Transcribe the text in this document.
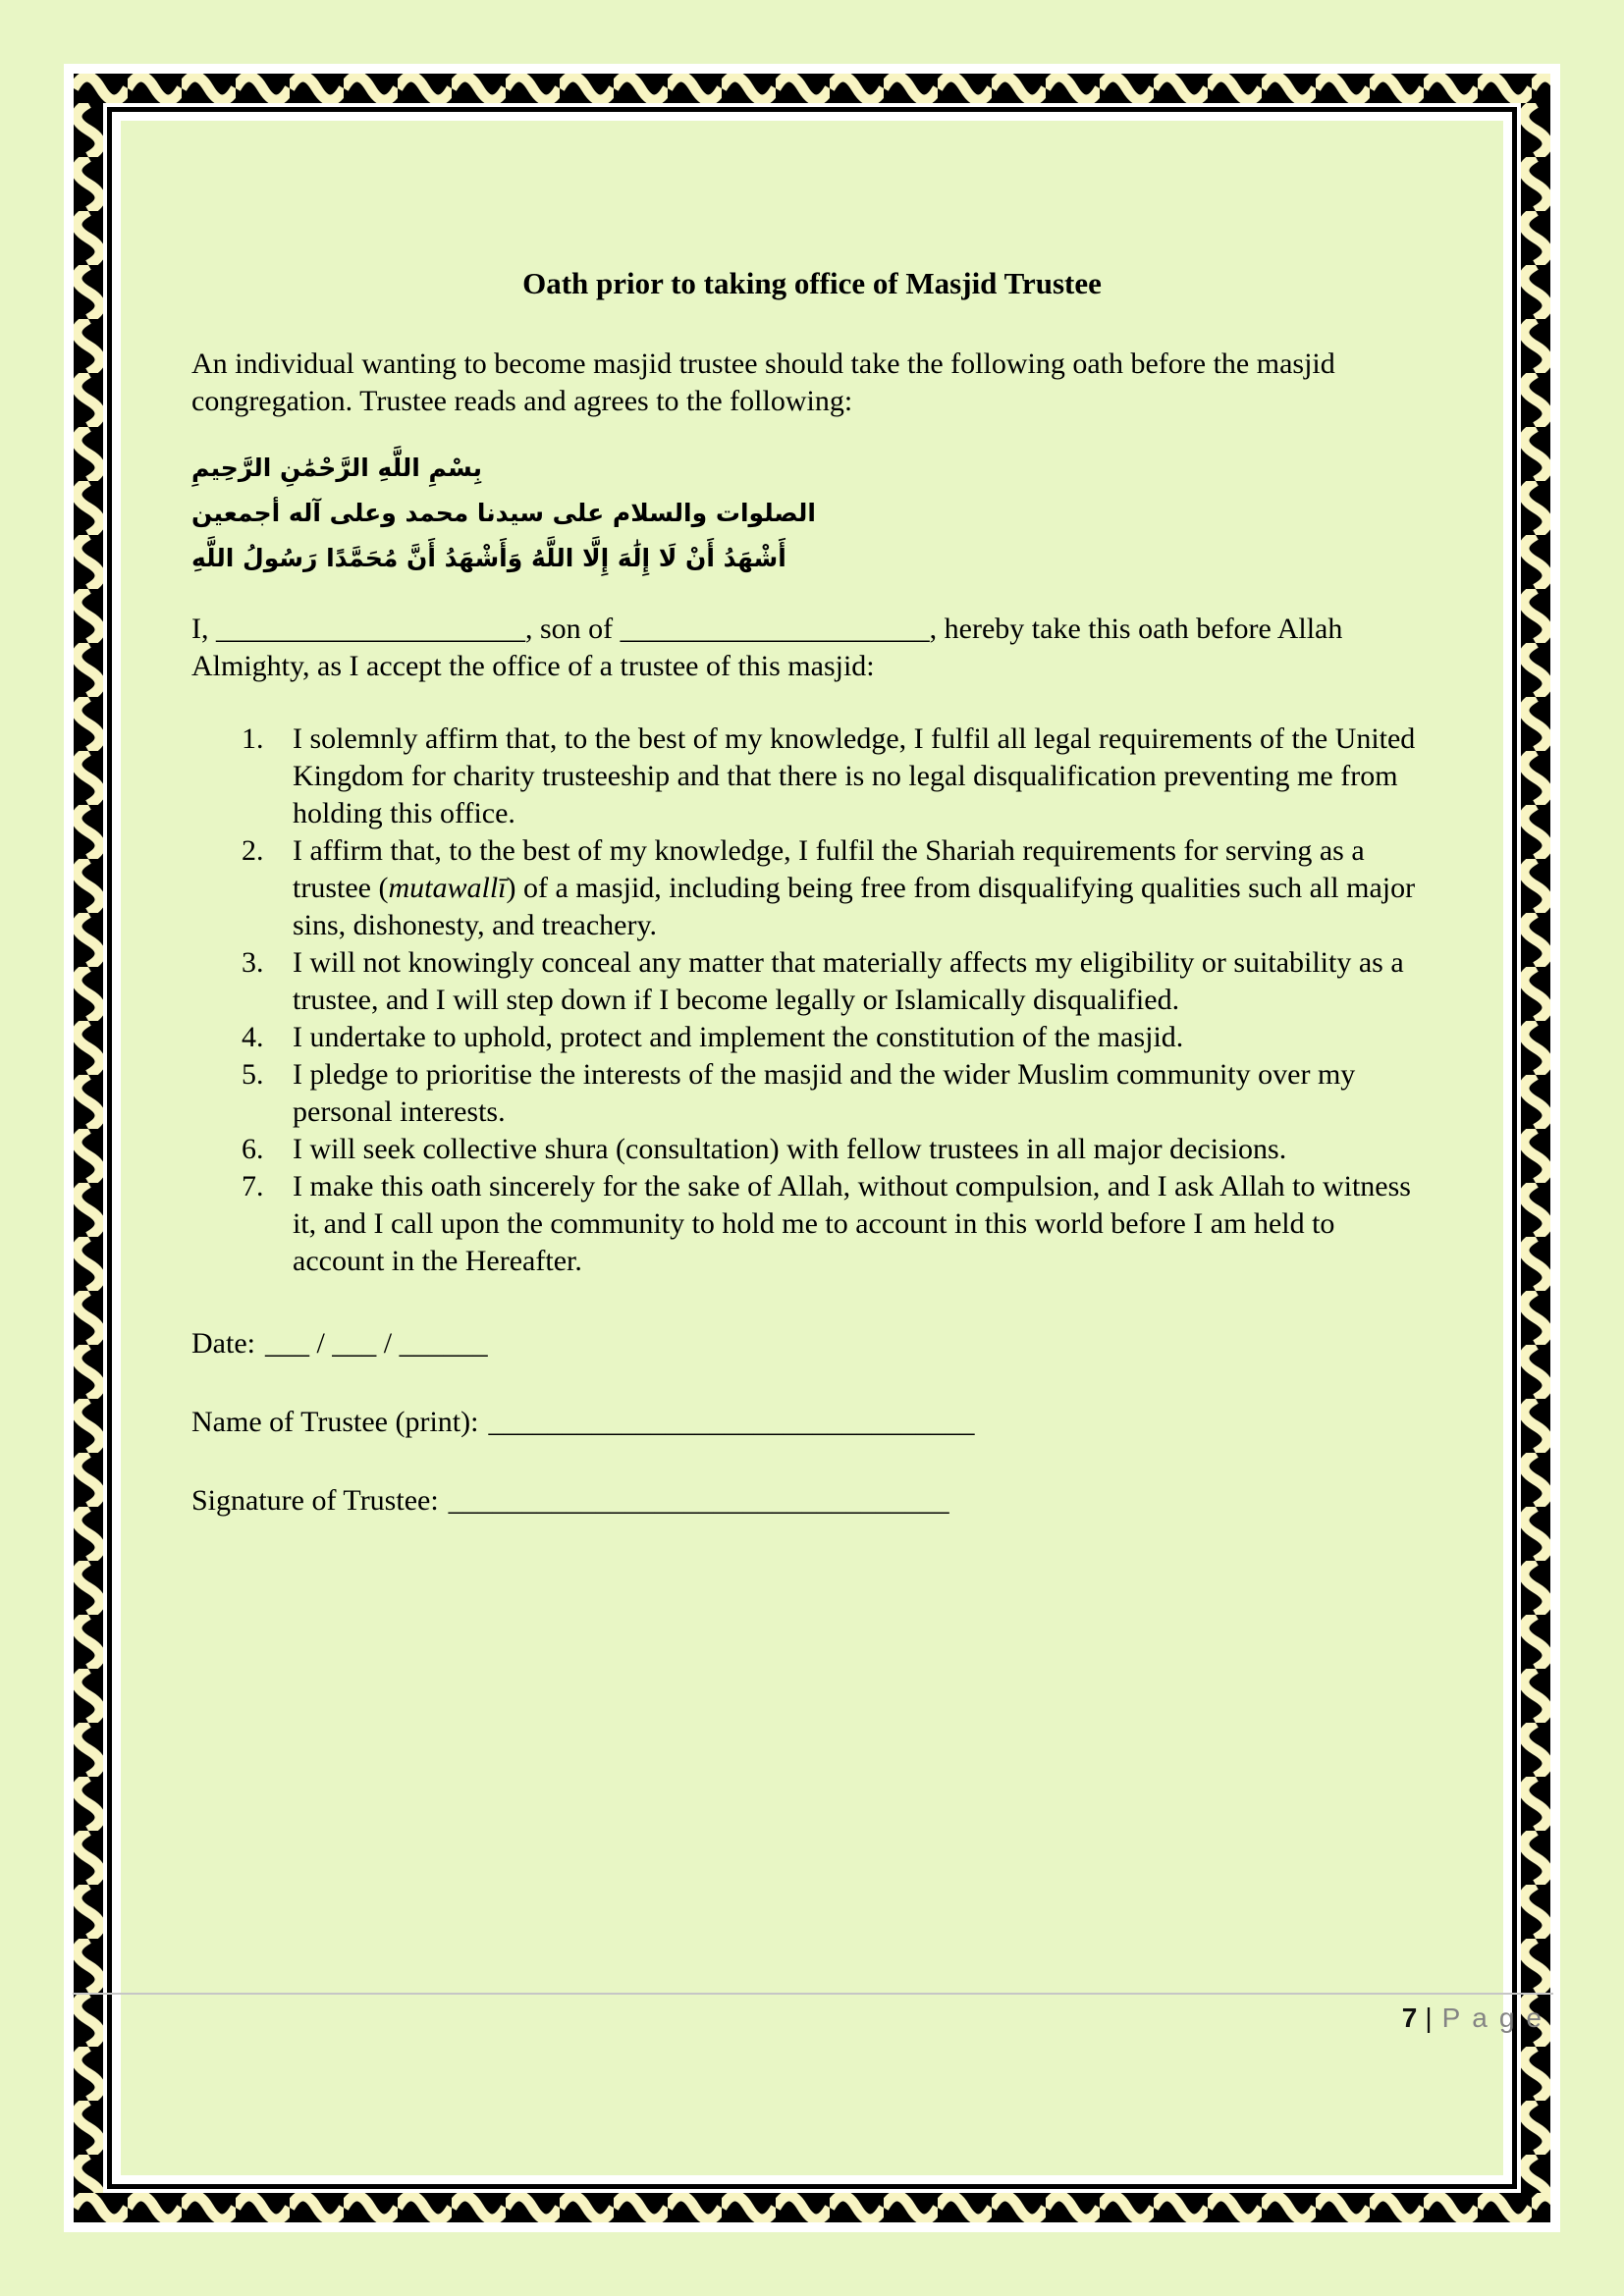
Oath prior to taking office of Masjid Trustee

An individual wanting to become masjid trustee should take the following oath before the masjid congregation. Trustee reads and agrees to the following:

بِسْمِ اللَّهِ الرَّحْمَٰنِ الرَّحِيمِ
الصلوات والسلام على سيدنا محمد وعلى آله أجمعين
أَشْهَدُ أَنْ لَا إِلَٰهَ إِلَّا اللَّهُ وَأَشْهَدُ أَنَّ مُحَمَّدًا رَسُولُ اللَّهِ

I, _____________________, son of _____________________, hereby take this oath before Allah Almighty, as I accept the office of a trustee of this masjid:

I solemnly affirm that, to the best of my knowledge, I fulfil all legal requirements of the United Kingdom for charity trusteeship and that there is no legal disqualification preventing me from holding this office.
I affirm that, to the best of my knowledge, I fulfil the Shariah requirements for serving as a trustee (mutawallī) of a masjid, including being free from disqualifying qualities such all major sins, dishonesty, and treachery.
I will not knowingly conceal any matter that materially affects my eligibility or suitability as a trustee, and I will step down if I become legally or Islamically disqualified.
I undertake to uphold, protect and implement the constitution of the masjid.
I pledge to prioritise the interests of the masjid and the wider Muslim community over my personal interests.
I will seek collective shura (consultation) with fellow trustees in all major decisions.
I make this oath sincerely for the sake of Allah, without compulsion, and I ask Allah to witness it, and I call upon the community to hold me to account in this world before I am held to account in the Hereafter.

Date: ___ / ___ / ______

Name of Trustee (print): _________________________________

Signature of Trustee: __________________________________

7 | Page
